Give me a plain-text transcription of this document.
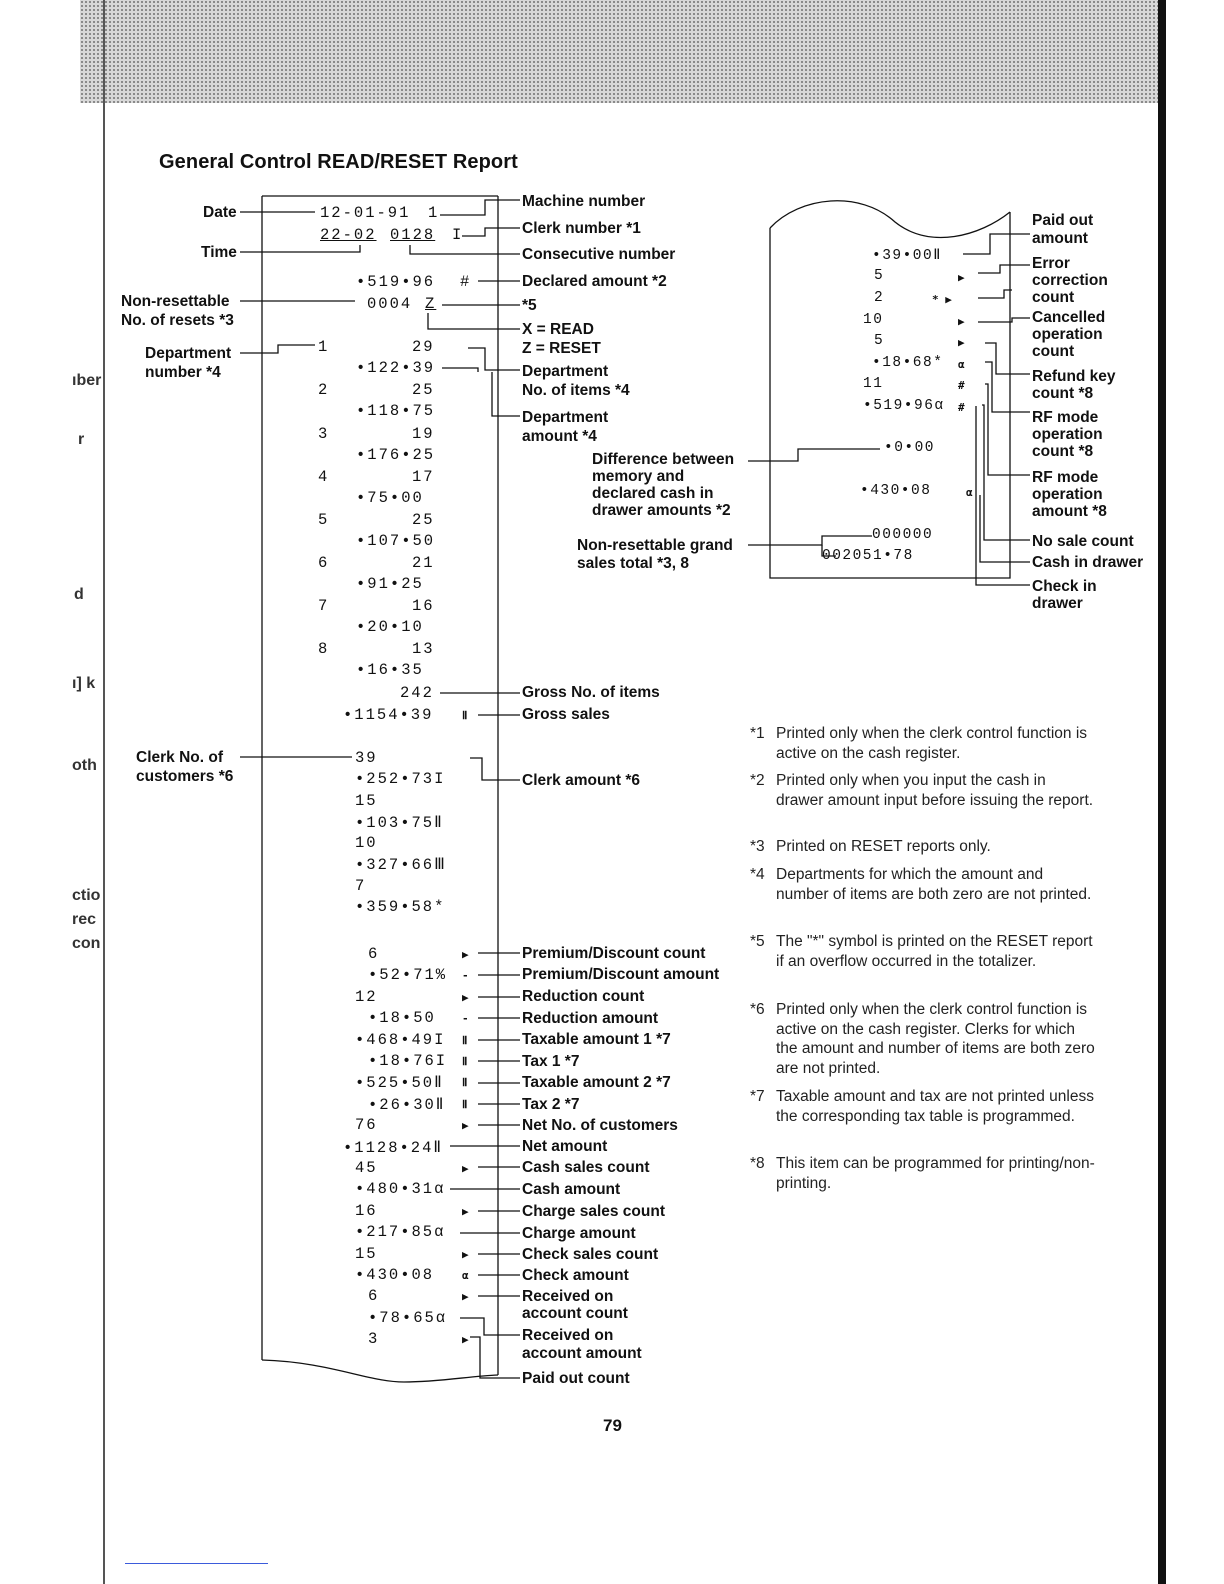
ıber
r
d
ı] k
oth
ctio
rec
con
General Control READ/RESET Report
Date
Time
Non-resettable
No. of resets *3
Department
number *4
Clerk No. of
customers *6
12-01-91 1
22-02 0128 I
•519•96 #
0004 Z
1	29
•122•39
2	25
•118•75
3	19
•176•25
4	17
•75•00
5	25
•107•50
6	21
•91•25
7	16
•20•10
8	13
•16•35
242
•1154•39	Ⅱ
39
•252•73I
15
•103•75Ⅱ
10
•327•66Ⅲ
7
•359•58*
6	▶
•52•71% -
12	▶
•18•50 -
•468•49I Ⅱ
•18•76I Ⅱ
•525•50Ⅱ Ⅱ
•26•30Ⅱ Ⅱ
76	▶
•1128•24Ⅱ
45	▶
•480•31α
16	▶
•217•85α
15	▶
•430•08	α
6	▶
•78•65α
3	▶
Machine number
Clerk number *1
Consecutive number
Declared amount *2
*5
X = READ
Z = RESET
Department
No. of items *4
Department
amount *4
Gross No. of items
Gross sales
Clerk amount *6
Premium/Discount count
Premium/Discount amount
Reduction count
Reduction amount
Taxable amount 1 *7
Tax 1 *7
Taxable amount 2 *7
Tax 2 *7
Net No. of customers
Net amount
Cash sales count
Cash amount
Charge sales count
Charge amount
Check sales count
Check amount
Received on
account count
Received on
account amount
Paid out count
•39•00Ⅱ
5	▶
2	* ▶
10	▶
5	▶
•18•68* α
11	#
•519•96α #
•0•00
•430•08	α
000000
002051•78
Paid out
amount
Error
correction
count
Cancelled
operation
count
Refund key
count *8
RF mode
operation
count *8
RF mode
operation
amount *8
No sale count
Cash in drawer
Check in
drawer
Difference between
memory and
declared cash in
drawer amounts *2
Non-resettable grand
sales total *3, 8
*1 Printed only when the clerk control function is active on the cash register.
*2 Printed only when you input the cash in drawer amount input before issuing the report.
*3 Printed on RESET reports only.
*4 Departments for which the amount and number of items are both zero are not printed.
*5 The "*" symbol is printed on the RESET report if an overflow occurred in the totalizer.
*6 Printed only when the clerk control function is active on the cash register. Clerks for which the amount and number of items are both zero are not printed.
*7 Taxable amount and tax are not printed unless the corresponding tax table is programmed.
*8 This item can be programmed for printing/non-printing.
79
